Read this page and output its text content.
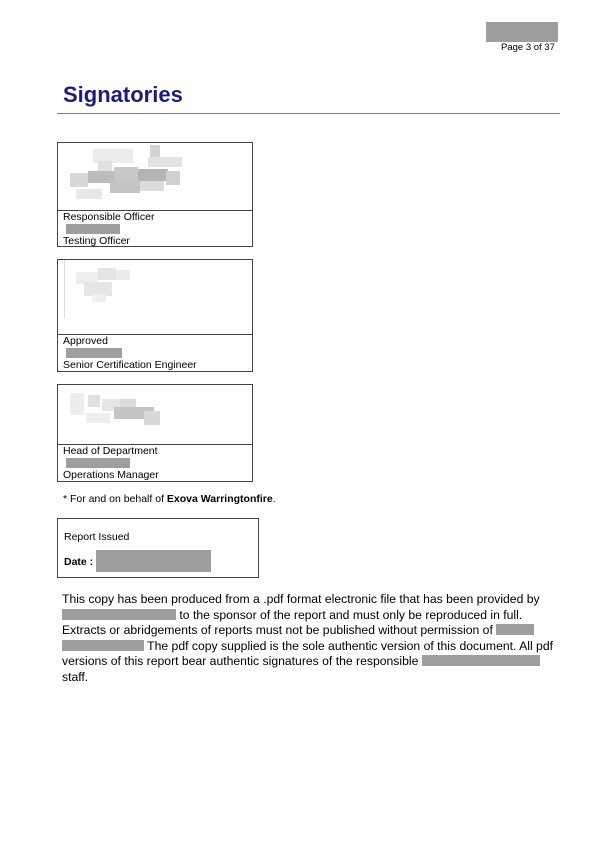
Page 3 of 37
Signatories
Responsible Officer
Testing Officer
Approved
Senior Certification Engineer
Head of Department
Operations Manager
* For and on behalf of Exova Warringtonfire.
Report Issued
Date :
This copy has been produced from a .pdf format electronic file that has been provided by
to the sponsor of the report and must only be reproduced in full.
Extracts or abridgements of reports must not be published without permission of
The pdf copy supplied is the sole authentic version of this document. All pdf
versions of this report bear authentic signatures of the responsible
staff.
